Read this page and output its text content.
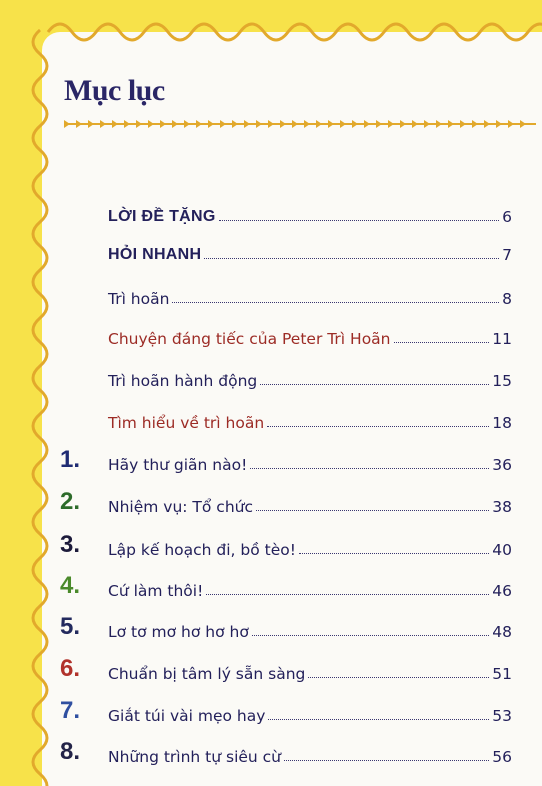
Mục lục
LỜI ĐỀ TẶNG	6
HỎI NHANH	7
Trì hoãn	8
Chuyện đáng tiếc của Peter Trì Hoãn	11
Trì hoãn hành động	15
Tìm hiểu về trì hoãn	18
1.	Hãy thư giãn nào!	36
2.	Nhiệm vụ: Tổ chức	38
3.	Lập kế hoạch đi, bồ tèo!	40
4.	Cứ làm thôi!	46
5.	Lơ tơ mơ hơ hơ hơ	48
6.	Chuẩn bị tâm lý sẵn sàng	51
7.	Giắt túi vài mẹo hay	53
8.	Những trình tự siêu cừ	56
